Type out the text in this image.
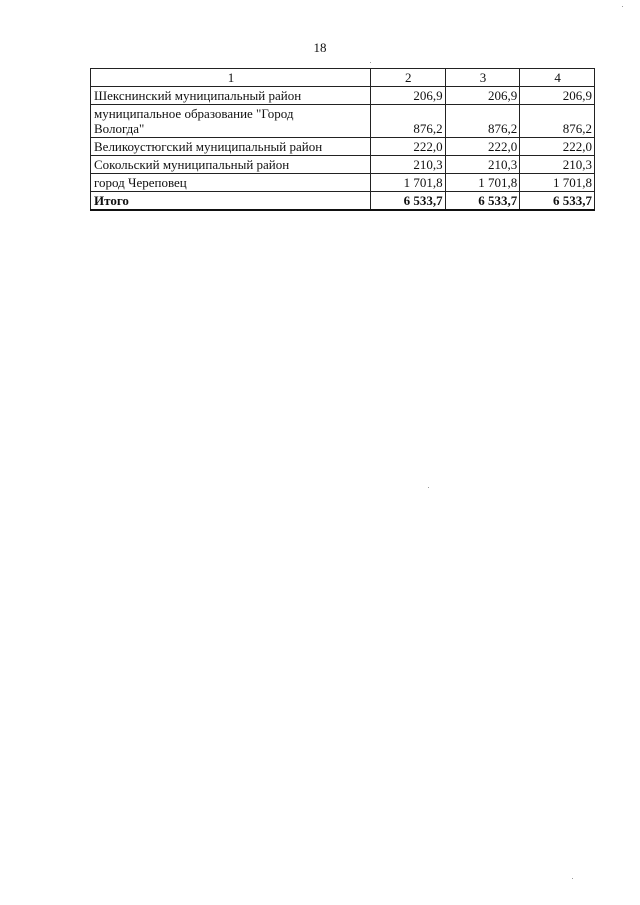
18
1	2	3	4
Шекснинский муниципальный район	206,9	206,9	206,9
муниципальное образование "Город Вологда"	876,2	876,2	876,2
Великоустюгский муниципальный район	222,0	222,0	222,0
Сокольский муниципальный район	210,3	210,3	210,3
город Череповец	1 701,8	1 701,8	1 701,8
Итого	6 533,7	6 533,7	6 533,7
